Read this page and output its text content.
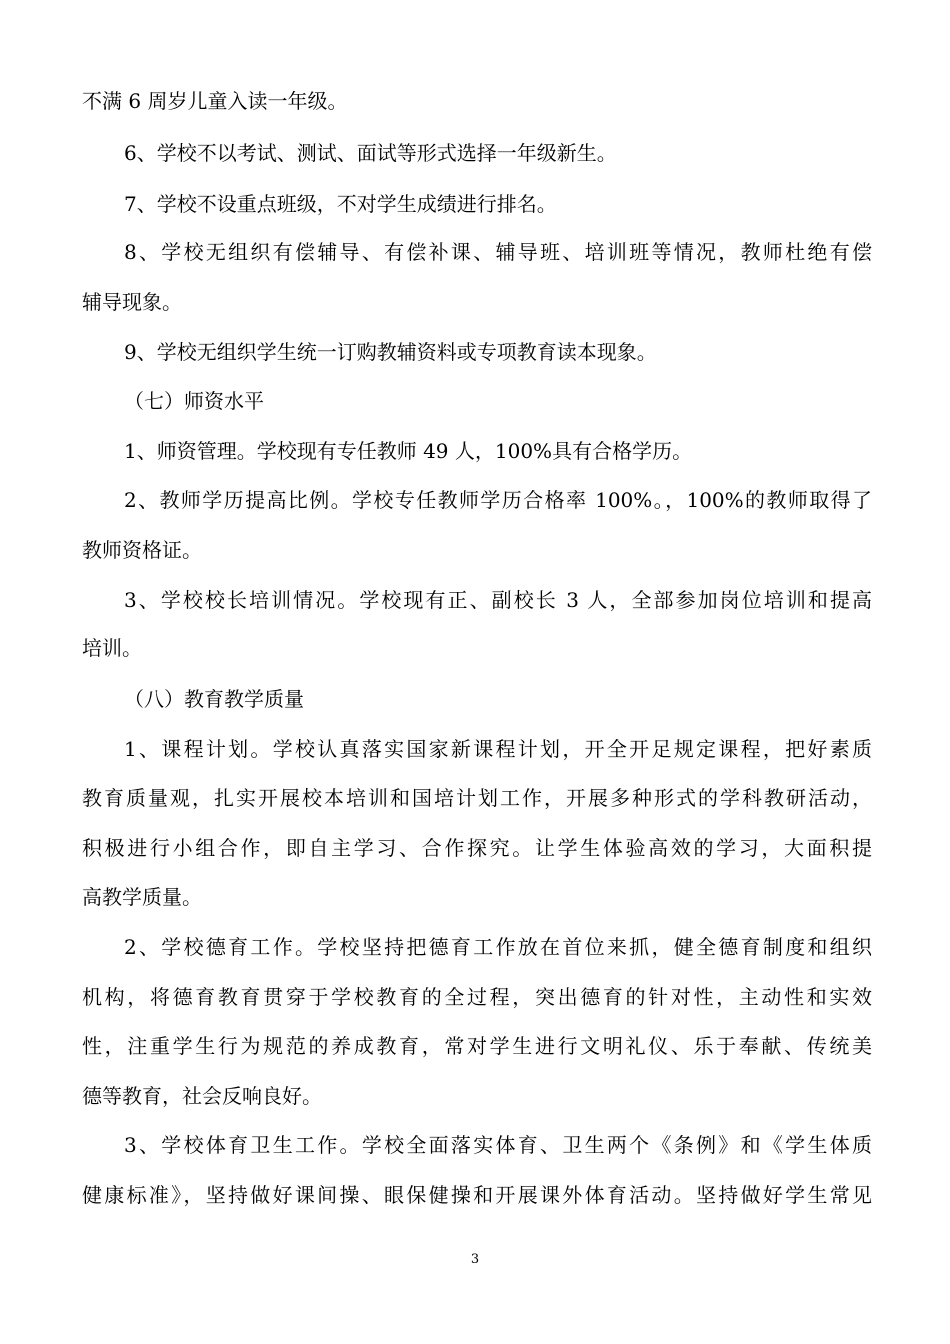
不满 6 周岁儿童入读一年级。
6、学校不以考试、测试、面试等形式选择一年级新生。
7、学校不设重点班级，不对学生成绩进行排名。
8、学校无组织有偿辅导、有偿补课、辅导班、培训班等情况，教师杜绝有偿
辅导现象。
9、学校无组织学生统一订购教辅资料或专项教育读本现象。
（七）师资水平
1、师资管理。学校现有专任教师 49 人，100%具有合格学历。
2、教师学历提高比例。学校专任教师学历合格率 100%。，100%的教师取得了
教师资格证。
3、学校校长培训情况。学校现有正、副校长 3 人，全部参加岗位培训和提高
培训。
（八）教育教学质量
1、课程计划。学校认真落实国家新课程计划，开全开足规定课程，把好素质
教育质量观，扎实开展校本培训和国培计划工作，开展多种形式的学科教研活动，
积极进行小组合作，即自主学习、合作探究。让学生体验高效的学习，大面积提
高教学质量。
2、学校德育工作。学校坚持把德育工作放在首位来抓，健全德育制度和组织
机构，将德育教育贯穿于学校教育的全过程，突出德育的针对性，主动性和实效
性，注重学生行为规范的养成教育，常对学生进行文明礼仪、乐于奉献、传统美
德等教育，社会反响良好。
3、学校体育卫生工作。学校全面落实体育、卫生两个《条例》和《学生体质
健康标准》，坚持做好课间操、眼保健操和开展课外体育活动。坚持做好学生常见
3
